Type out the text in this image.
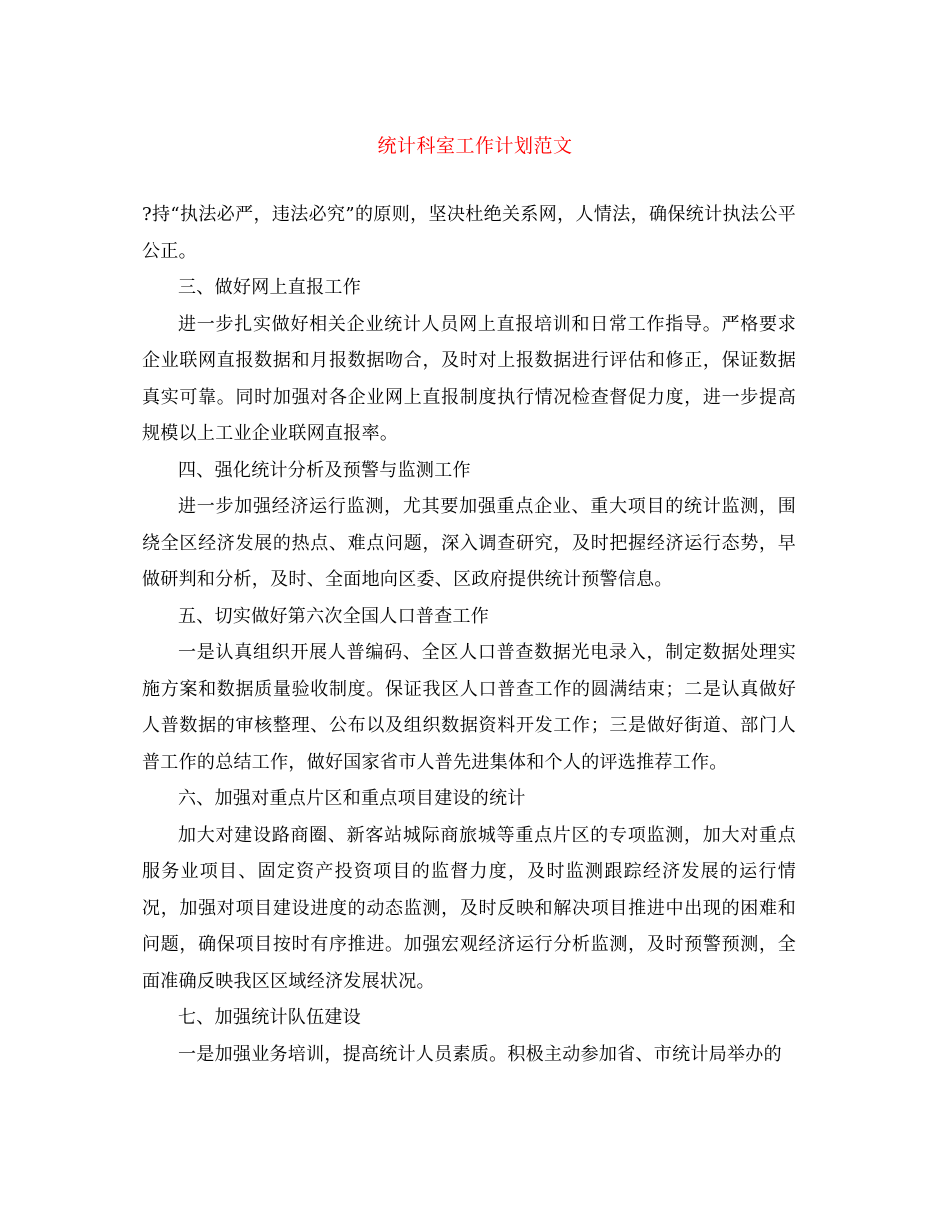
统计科室工作计划范文

?持“执法必严，违法必究”的原则，坚决杜绝关系网，人情法，确保统计执法公平公正。

三、做好网上直报工作

进一步扎实做好相关企业统计人员网上直报培训和日常工作指导。严格要求企业联网直报数据和月报数据吻合，及时对上报数据进行评估和修正，保证数据真实可靠。同时加强对各企业网上直报制度执行情况检查督促力度，进一步提高规模以上工业企业联网直报率。

四、强化统计分析及预警与监测工作

进一步加强经济运行监测，尤其要加强重点企业、重大项目的统计监测，围绕全区经济发展的热点、难点问题，深入调查研究，及时把握经济运行态势，早做研判和分析，及时、全面地向区委、区政府提供统计预警信息。

五、切实做好第六次全国人口普查工作

一是认真组织开展人普编码、全区人口普查数据光电录入，制定数据处理实施方案和数据质量验收制度。保证我区人口普查工作的圆满结束；二是认真做好人普数据的审核整理、公布以及组织数据资料开发工作；三是做好街道、部门人普工作的总结工作，做好国家省市人普先进集体和个人的评选推荐工作。

六、加强对重点片区和重点项目建设的统计

加大对建设路商圈、新客站城际商旅城等重点片区的专项监测，加大对重点服务业项目、固定资产投资项目的监督力度，及时监测跟踪经济发展的运行情况，加强对项目建设进度的动态监测，及时反映和解决项目推进中出现的困难和问题，确保项目按时有序推进。加强宏观经济运行分析监测，及时预警预测，全面准确反映我区区域经济发展状况。

七、加强统计队伍建设

一是加强业务培训，提高统计人员素质。积极主动参加省、市统计局举办的
